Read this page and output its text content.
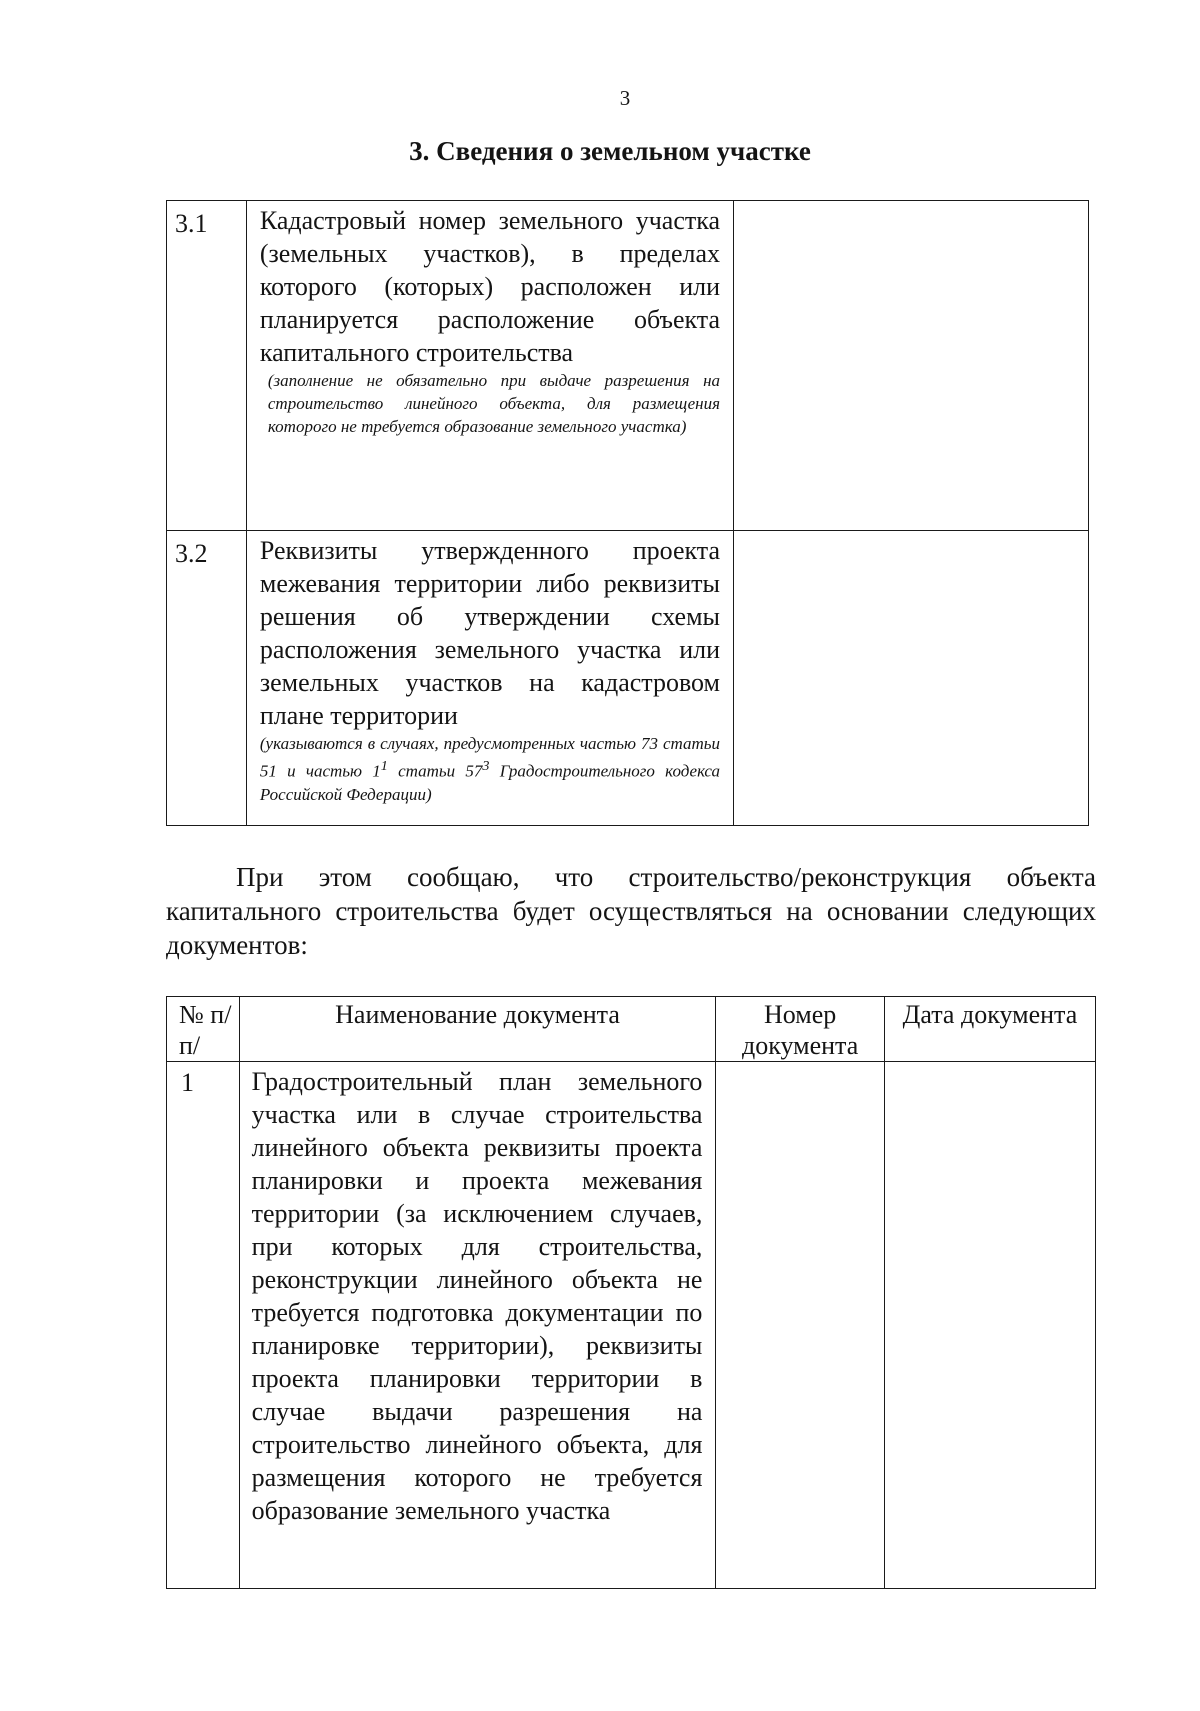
3
3. Сведения о земельном участке
3.1	Кадастровый номер земельного участка (земельных участков), в пределах которого (которых) расположен или планируется расположение объекта капитального строительства
(заполнение не обязательно при выдаче разрешения на строительство линейного объекта, для размещения которого не требуется образование земельного участка)	

3.2	Реквизиты утвержденного проекта межевания территории либо реквизиты решения об утверждении схемы расположения земельного участка или земельных участков на кадастровом плане территории
(указываются в случаях, предусмотренных частью 73 статьи 51 и частью $1^1$ статьи $57^3$ Градостроительного кодекса Российской Федерации)	

При этом сообщаю, что строительство/реконструкция объекта капитального строительства будет осуществляться на основании следующих документов:
№ п/п/	Наименование документа	Номер документа	Дата документа
1	Градостроительный план земельного участка или в случае строительства линейного объекта реквизиты проекта планировки и проекта межевания территории (за исключением случаев, при которых для строительства, реконструкции линейного объекта не требуется подготовка документации по планировке территории), реквизиты проекта планировки территории в случае выдачи разрешения на строительство линейного объекта, для размещения которого не требуется образование земельного участка		
